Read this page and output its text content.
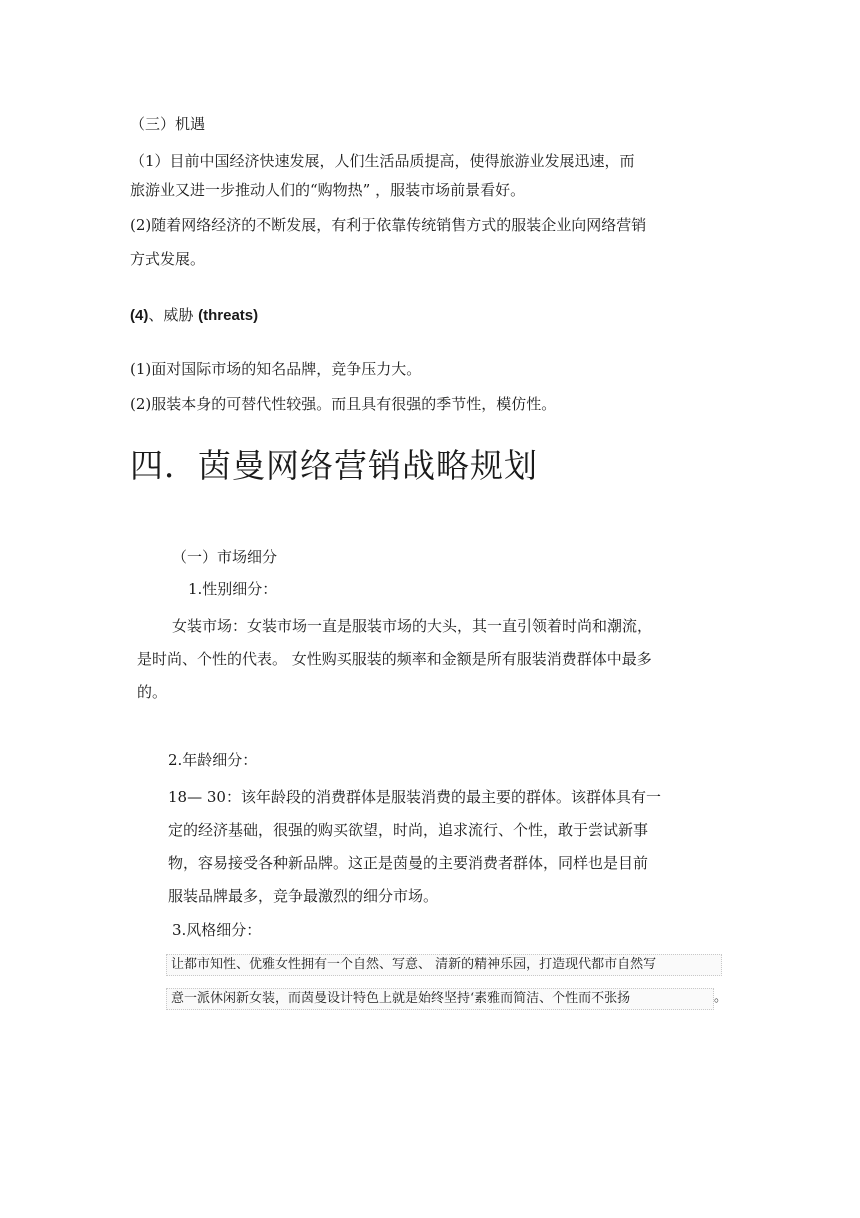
（三）机遇
（1）目前中国经济快速发展，人们生活品质提高，使得旅游业发展迅速，而
旅游业又进一步推动人们的“购物热” ，服装市场前景看好。
(2)随着网络经济的不断发展，有利于依靠传统销售方式的服装企业向网络营销
方式发展。
(4)、威胁 (threats)
(1)面对国际市场的知名品牌，竞争压力大。
(2)服装本身的可替代性较强。而且具有很强的季节性，模仿性。
四．茵曼网络营销战略规划
（一）市场细分
1.性别细分：
女装市场：女装市场一直是服装市场的大头，其一直引领着时尚和潮流，
是时尚、个性的代表。 女性购买服装的频率和金额是所有服装消费群体中最多
的。
2.年龄细分：
18— 30：该年龄段的消费群体是服装消费的最主要的群体。该群体具有一
定的经济基础，很强的购买欲望，时尚，追求流行、个性，敢于尝试新事
物，容易接受各种新品牌。这正是茵曼的主要消费者群体，同样也是目前
服装品牌最多，竞争最激烈的细分市场。
3.风格细分：
让都市知性、优雅女性拥有一个自然、写意、 清新的精神乐园，打造现代都市自然写
意一派休闲新女装，而茵曼设计特色上就是始终坚持‘素雅而简洁、个性而不张扬	。
